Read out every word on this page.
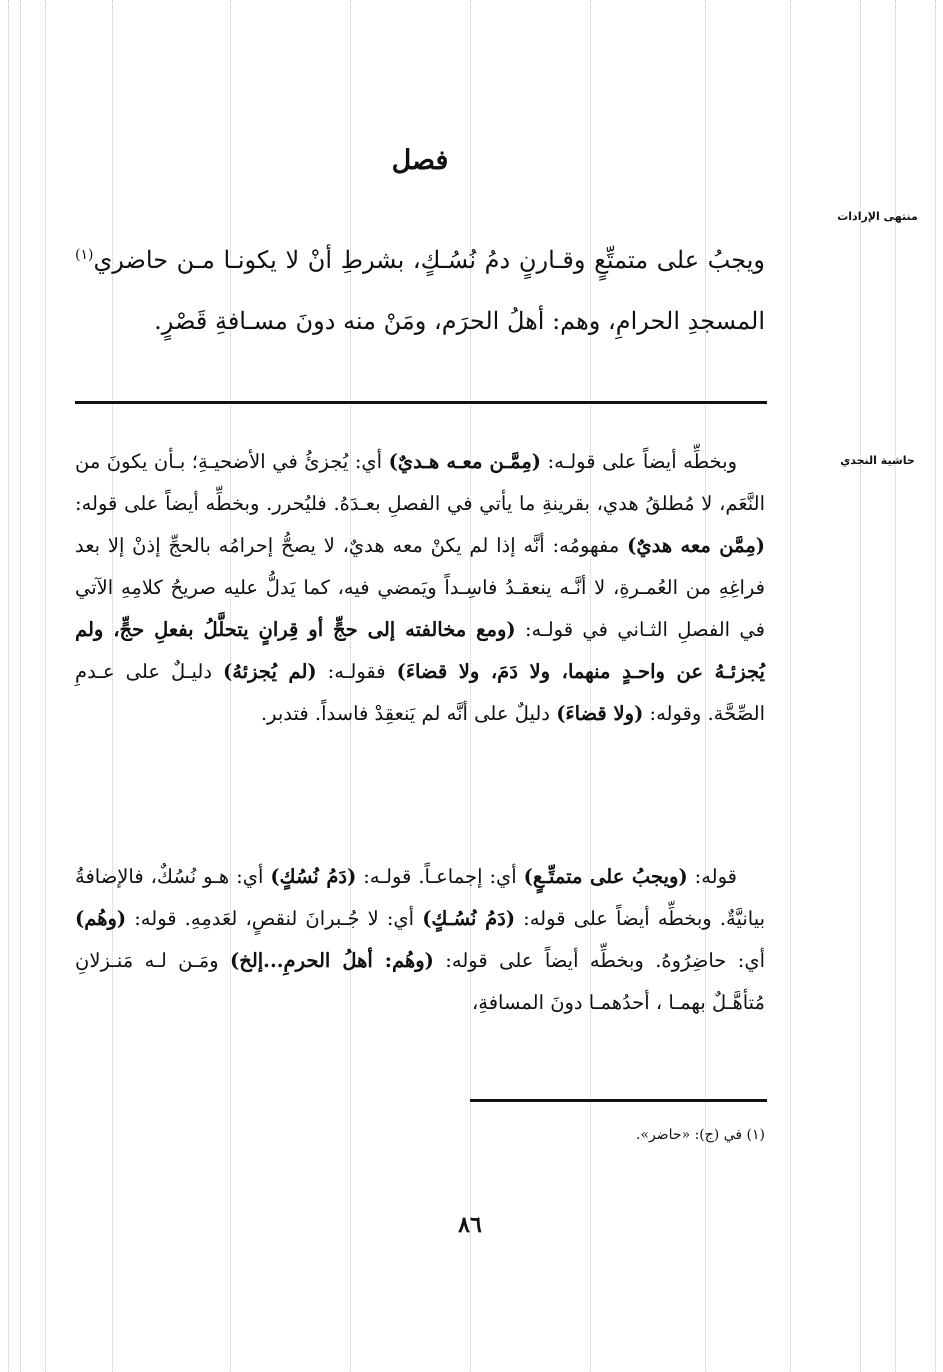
فصل
منتهى الإرادات
حاشية النجدي
ويجبُ على متمتِّعٍ وقـارنٍ دمُ نُسُـكٍ، بشرطِ أنْ لا يكونـا مـن حاضري$^{(١)}$ المسجدِ الحرامِ، وهم: أهلُ الحرَم، ومَنْ منه دونَ مسـافةِ قَصْرٍ.

وبخطِّه أيضاً على قولـه: (مِمَّـن معـه هـديٌ) أي: يُجزئُ في الأضحيـةِ؛ بـأن يكونَ من النَّعَم، لا مُطلقُ هدي، بقرينةِ ما يأتي في الفصلِ بعـدَهُ. فليُحرر. وبخطِّه أيضاً على قوله: (مِمَّن معه هديٌ) مفهومُه: أنَّه إذا لم يكنْ معه هديٌ، لا يصحُّ إحرامُه بالحجِّ إذنْ إلا بعد فراغِهِ من العُمـرةِ، لا أنَّـه ينعقـدُ فاسِـداً ويَمضي فيه، كما يَدلُّ عليه صريحُ كلامِهِ الآتي في الفصلِ الثـاني في قولـه: (ومع مخالفته إلى حجٍّ أو قِرانٍ يتحلَّلُ بفعلِ حجٍّ، ولم يُجزئـهُ عن واحـدٍ منهما، ولا دَمَ، ولا قضاءَ) فقولـه: (لم يُجزئهُ) دليـلٌ على عـدمِ الصِّحَّة. وقوله: (ولا قضاءَ) دليلٌ على أنَّه لم يَنعقِدْ فاسداً. فتدبر.

قوله: (ويجبُ على متمتِّـعٍ) أي: إجماعـاً. قولـه: (دَمُ نُسُكٍ) أي: هـو نُسُكٌ، فالإضافةُ بيانيَّةٌ. وبخطِّه أيضاً على قوله: (دَمُ نُسُـكٍ) أي: لا جُـبرانَ لنقصٍ، لعَدمِهِ. قوله: (وهُم) أي: حاضِرُوهُ. وبخطِّه أيضاً على قوله: (وهُم: أهلُ الحرمِ...إلخ) ومَـن لـه مَنـزلانِ مُتأهَّـلٌ بهمـا ، أحدُهمـا دونَ المسافةِ،

(١) في (ج): «حاضر».
٨٦
